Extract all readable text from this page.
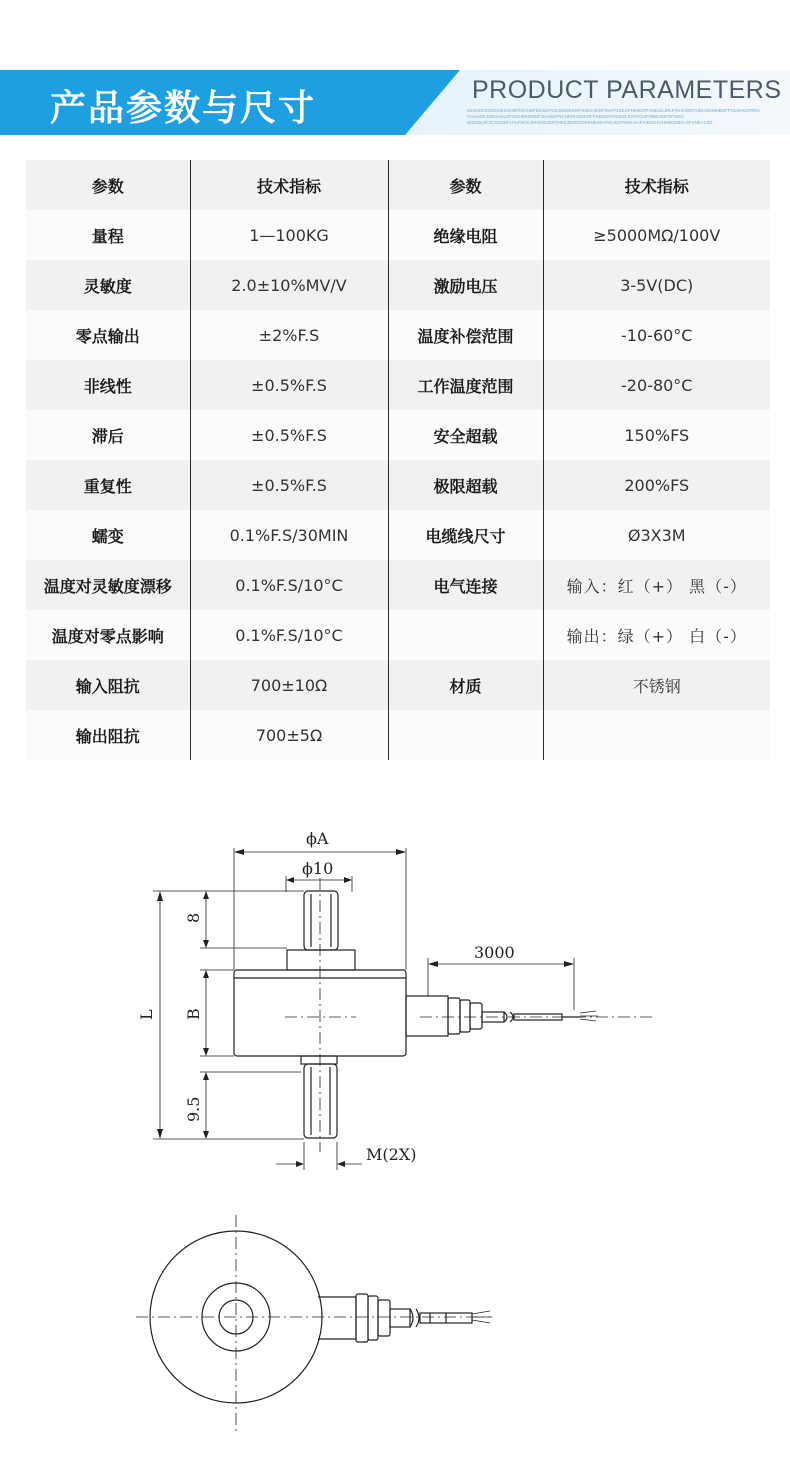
产品参数与尺寸	PRODUCT PARAMETERS
OLIKIDCKGEDSEGSHEFDKSIDFEKGDFGILSDWKEDFHSDHJKDFRKIFGKEDFHKIEDFHSBLDLBRJFKHKSDFGIDHSDNMBDFPSDJHKDRRDI
CHAHDFJSDHASLDFSGHBKWSDFJKASDFNCHKRHSDKDFPSDSGFHIKDSLSVFKDIJFWBKSDFDFSDG
WSNDLSFJCSDSDFLFLFSGKJRHDGDERTHKDJEEDSDSSNESDVNKJSCPWKLKAFKIBKDJGHHBKDBFLSFVNKALSD
参数	技术指标	参数	技术指标
量程	1—100KG	绝缘电阻	≥5000MΩ/100V
灵敏度	2.0±10%MV/V	激励电压	3-5V(DC)
零点输出	±2%F.S	温度补偿范围	-10-60°C
非线性	±0.5%F.S	工作温度范围	-20-80°C
滞后	±0.5%F.S	安全超载	150%FS
重复性	±0.5%F.S	极限超载	200%FS
蠕变	0.1%F.S/30MIN	电缆线尺寸	Ø3X3M
温度对灵敏度漂移	0.1%F.S/10°C	电气连接	输入：红（+） 黑（-）
温度对零点影响	0.1%F.S/10°C		输出：绿（+） 白（-）
输入阻抗	700±10Ω	材质	不锈钢
输出阻抗	700±5Ω		
ϕA
ϕ10
3000
L
8
B
9.5
M(2X)
